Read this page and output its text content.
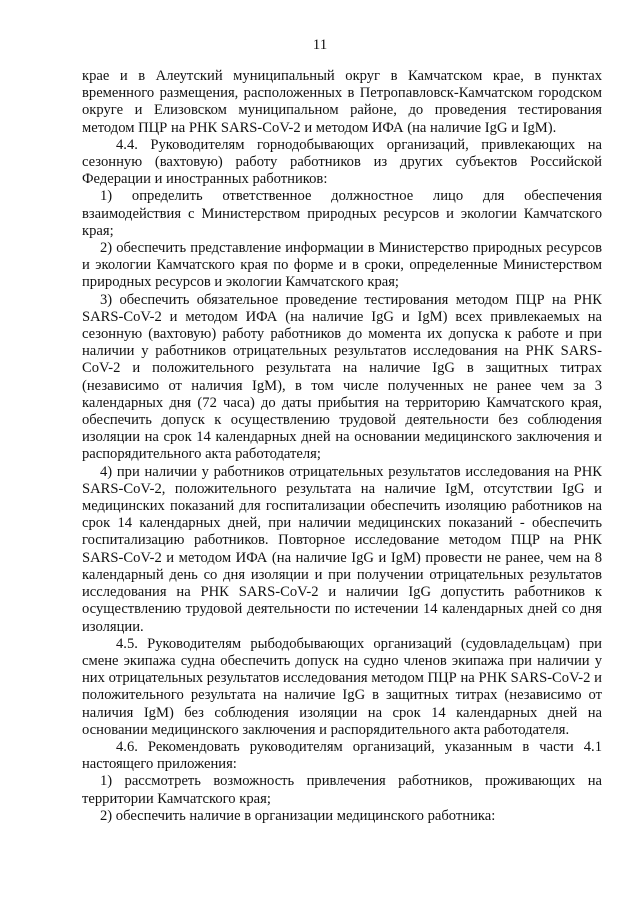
11

крае и в Алеутский муниципальный округ в Камчатском крае, в пунктах временного размещения, расположенных в Петропавловск-Камчатском городском округе и Елизовском муниципальном районе, до проведения тестирования методом ПЦР на РНК SARS-CoV-2 и методом ИФА (на наличие IgG и IgM).

4.4. Руководителям горнодобывающих организаций, привлекающих на сезонную (вахтовую) работу работников из других субъектов Российской Федерации и иностранных работников:

1) определить ответственное должностное лицо для обеспечения взаимодействия с Министерством природных ресурсов и экологии Камчатского края;

2) обеспечить представление информации в Министерство природных ресурсов и экологии Камчатского края по форме и в сроки, определенные Министерством природных ресурсов и экологии Камчатского края;

3) обеспечить обязательное проведение тестирования методом ПЦР на РНК SARS-CoV-2 и методом ИФА (на наличие IgG и IgM) всех привлекаемых на сезонную (вахтовую) работу работников до момента их допуска к работе и при наличии у работников отрицательных результатов исследования на РНК SARS-CoV-2 и положительного результата на наличие IgG в защитных титрах (независимо от наличия IgM), в том числе полученных не ранее чем за 3 календарных дня (72 часа) до даты прибытия на территорию Камчатского края, обеспечить допуск к осуществлению трудовой деятельности без соблюдения изоляции на срок 14 календарных дней на основании медицинского заключения и распорядительного акта работодателя;

4) при наличии у работников отрицательных результатов исследования на РНК SARS-CoV-2, положительного результата на наличие IgM, отсутствии IgG и медицинских показаний для госпитализации обеспечить изоляцию работников на срок 14 календарных дней, при наличии медицинских показаний - обеспечить госпитализацию работников. Повторное исследование методом ПЦР на РНК SARS-CoV-2 и методом ИФА (на наличие IgG и IgM) провести не ранее, чем на 8 календарный день со дня изоляции и при получении отрицательных результатов исследования на РНК SARS-CoV-2 и наличии IgG допустить работников к осуществлению трудовой деятельности по истечении 14 календарных дней со дня изоляции.

4.5. Руководителям рыбодобывающих организаций (судовладельцам) при смене экипажа судна обеспечить допуск на судно членов экипажа при наличии у них отрицательных результатов исследования методом ПЦР на РНК SARS-CoV-2 и положительного результата на наличие IgG в защитных титрах (независимо от наличия IgM) без соблюдения изоляции на срок 14 календарных дней на основании медицинского заключения и распорядительного акта работодателя.

4.6. Рекомендовать руководителям организаций, указанным в части 4.1 настоящего приложения:

1) рассмотреть возможность привлечения работников, проживающих на территории Камчатского края;

2) обеспечить наличие в организации медицинского работника:
